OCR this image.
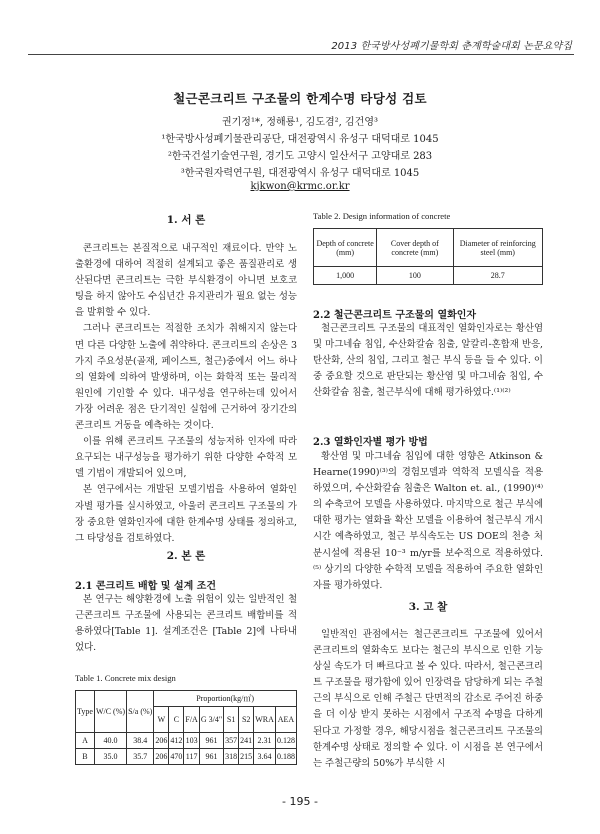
2013 한국방사성폐기물학회 춘계학술대회 논문요약집
철근콘크리트 구조물의 한계수명 타당성 검토
권기정¹*, 정해룡¹, 김도겸², 김건영³
¹한국방사성폐기물관리공단, 대전광역시 유성구 대덕대로 1045
²한국건설기술연구원, 경기도 고양시 일산서구 고양대로 283
³한국원자력연구원, 대전광역시 유성구 대덕대로 1045
kjkwon@krmc.or.kr
1. 서 론

콘크리트는 본질적으로 내구적인 재료이다. 만약 노출환경에 대하여 적절히 설계되고 좋은 품질관리로 생산된다면 콘크리트는 극한 부식환경이 아니면 보호코팅을 하지 않아도 수십년간 유지관리가 필요 없는 성능을 발휘할 수 있다.

그러나 콘크리트는 적절한 조치가 취해지지 않는다면 다른 다양한 노출에 취약하다. 콘크리트의 손상은 3가지 주요성분(골재, 페이스트, 철근)중에서 어느 하나의 열화에 의하여 발생하며, 이는 화학적 또는 물리적 원인에 기인할 수 있다. 내구성을 연구하는데 있어서 가장 어려운 점은 단기적인 실험에 근거하여 장기간의 콘크리트 거동을 예측하는 것이다.

이를 위해 콘크리트 구조물의 성능저하 인자에 따라 요구되는 내구성능을 평가하기 위한 다양한 수학적 모델 기법이 개발되어 있으며,

본 연구에서는 개발된 모델기법을 사용하여 열화인자별 평가를 실시하였고, 아울러 콘크리트 구조물의 가장 중요한 열화인자에 대한 한계수명 상태를 정의하고, 그 타당성을 검토하였다.

2. 본 론
2.1 콘크리트 배합 및 설계 조건

본 연구는 해양환경에 노출 위험이 있는 일반적인 철근콘크리트 구조물에 사용되는 콘크리트 배합비를 적용하였다[Table 1]. 설계조건은 [Table 2]에 나타내었다.

Table 1. Concrete mix design
Type	W/C (%)	S/a (%)	Proportion(kg/㎥)							
			W	C	F/A	G 3/4"	S1	S2	WRA	AEA
A	40.0	38.4	206	412	103	961	357	241	2.31	0.128
B	35.0	35.7	206	470	117	961	318	215	3.64	0.188
Table 2. Design information of concrete
Depth of concrete (mm)	Cover depth of concrete (mm)	Diameter of reinforcing steel (mm)
1,000	100	28.7
2.2 철근콘크리트 구조물의 열화인자

철근콘크리트 구조물의 대표적인 열화인자로는 황산염 및 마그네슘 침입, 수산화칼슘 침출, 알칼리-혼합재 반응, 탄산화, 산의 침입, 그리고 철근 부식 등을 들 수 있다. 이 중 중요할 것으로 판단되는 황산염 및 마그네슘 침입, 수산화칼슘 침출, 철근부식에 대해 평가하였다.⁽¹⁾⁽²⁾

2.3 열화인자별 평가 방법

황산염 및 마그네슘 침입에 대한 영향은 Atkinson & Hearne(1990)⁽³⁾의 경험모델과 역학적 모델식을 적용하였으며, 수산화칼슘 침출은 Walton et. al., (1990)⁽⁴⁾의 수축코어 모델을 사용하였다. 마지막으로 철근 부식에 대한 평가는 열화율 확산 모델을 이용하여 철근부식 개시시간 예측하였고, 철근 부식속도는 US DOE의 천층 처분시설에 적용된 10⁻³ m/yr를 보수적으로 적용하였다.⁽⁵⁾ 상기의 다양한 수학적 모델을 적용하여 주요한 열화인자를 평가하였다.

3. 고 찰

일반적인 관점에서는 철근콘크리트 구조물에 있어서 콘크리트의 열화속도 보다는 철근의 부식으로 인한 기능상실 속도가 더 빠르다고 볼 수 있다. 따라서, 철근콘크리트 구조물을 평가함에 있어 인장력을 담당하게 되는 주철근의 부식으로 인해 주철근 단면적의 감소로 주어진 하중을 더 이상 받지 못하는 시점에서 구조적 수명을 다하게 된다고 가정할 경우, 해당시점을 철근콘크리트 구조물의 한계수명 상태로 정의할 수 있다. 이 시점을 본 연구에서는 주철근량의 50%가 부식한 시

- 195 -
